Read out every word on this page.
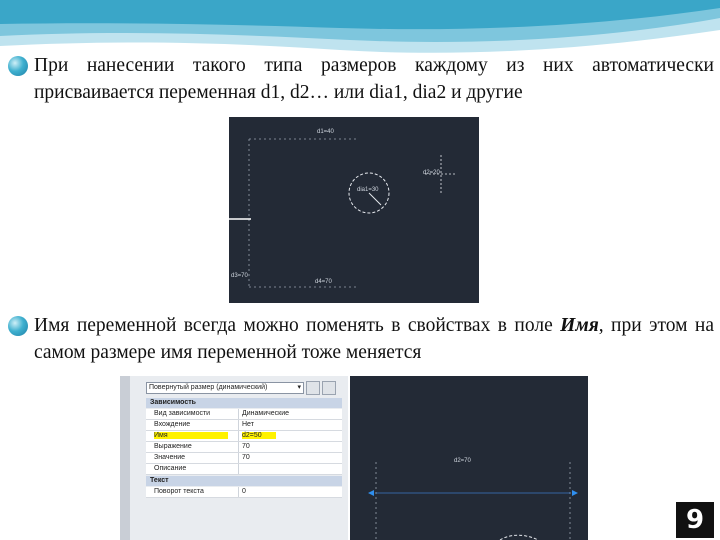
При нанесении такого типа размеров каждому из них автоматически присваивается переменная d1, d2… или dia1, dia2 и другие
d1=40
d2=20
dia1=30
d4=70
d3=70
Имя переменной всегда можно поменять в свойствах в поле Имя, при этом на самом размере имя переменной тоже меняется
Повернутый размер (динамический)	▾
Зависимость
Вид зависимости	Динамические
Вхождение	Нет
Имя	d2=50
Выражение	70
Значение	70
Описание
Текст
Поворот текста	0
d2=70
9
